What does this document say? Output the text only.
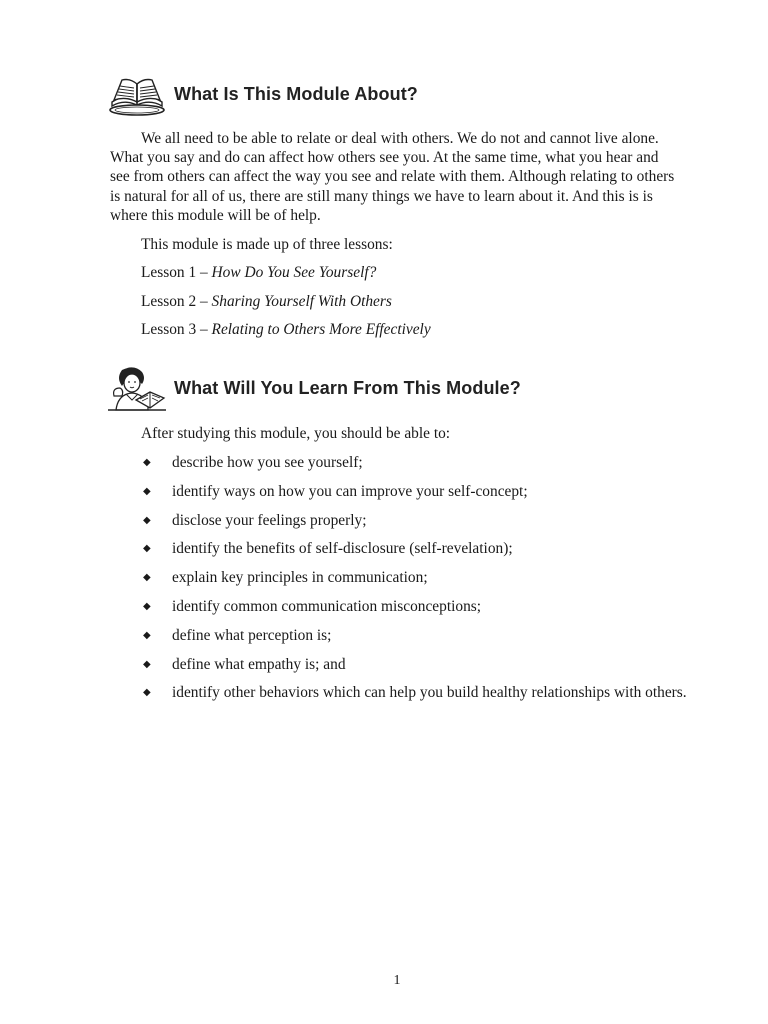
What Is This Module About?

We all need to be able to relate or deal with others. We do not and cannot live alone. What you say and do can affect how others see you. At the same time, what you hear and see from others can affect the way you see and relate with them. Although relating to others is natural for all of us, there are still many things we have to learn about it. And this is is where this module will be of help.

This module is made up of three lessons:

Lesson 1 – How Do You See Yourself?

Lesson 2 – Sharing Yourself With Others

Lesson 3 – Relating to Others More Effectively

What Will You Learn From This Module?

After studying this module, you should be able to:

◆ describe how you see yourself;
◆ identify ways on how you can improve your self-concept;
◆ disclose your feelings properly;
◆ identify the benefits of self-disclosure (self-revelation);
◆ explain key principles in communication;
◆ identify common communication misconceptions;
◆ define what perception is;
◆ define what empathy is; and
◆ identify other behaviors which can help you build healthy relationships with others.
1
